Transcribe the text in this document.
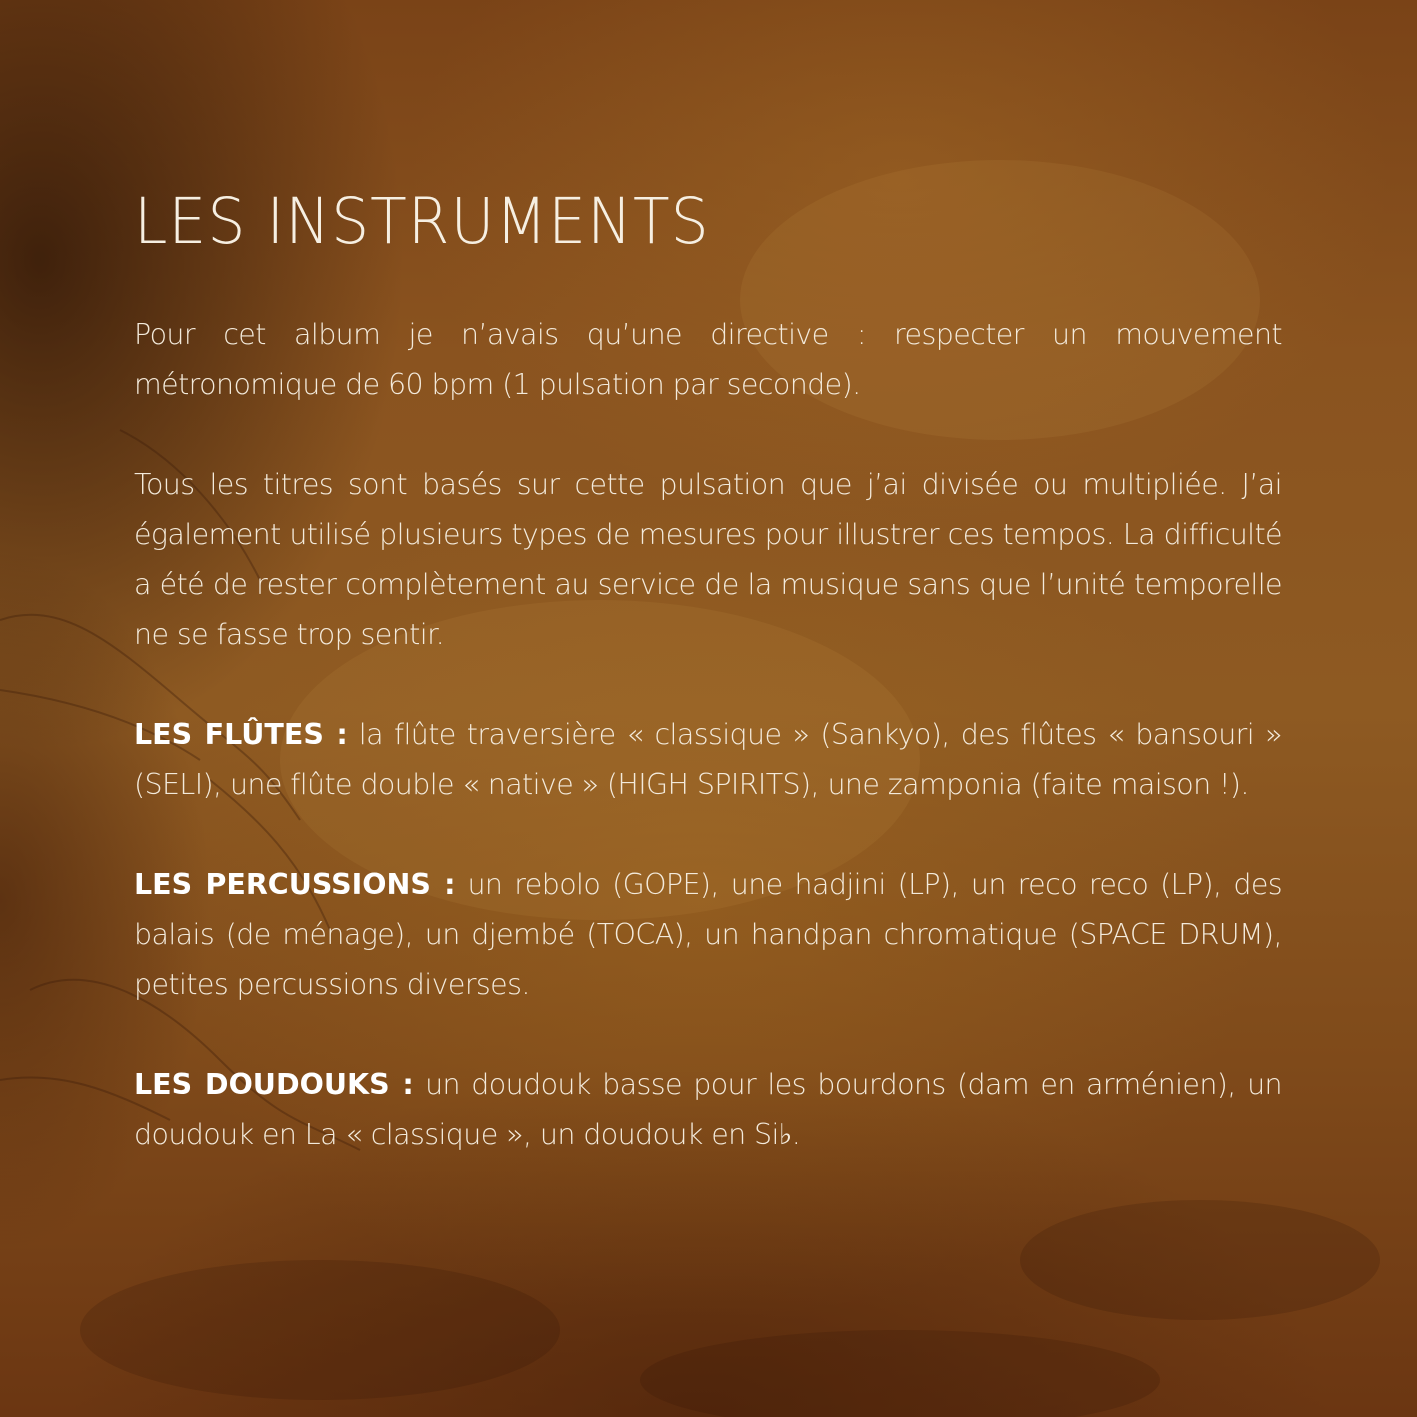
LES INSTRUMENTS

Pour cet album je n’avais qu’une directive : respecter un mouvement métronomique de 60 bpm (1 pulsation par seconde).

Tous les titres sont basés sur cette pulsation que j’ai divisée ou multipliée. J’ai également utilisé plusieurs types de mesures pour illustrer ces tempos. La difficulté a été de rester complètement au service de la musique sans que l’unité temporelle ne se fasse trop sentir.

LES FLÛTES : la flûte traversière « classique » (Sankyo), des flûtes « bansouri » (SELI), une flûte double « native » (HIGH SPIRITS), une zamponia (faite maison !).

LES PERCUSSIONS : un rebolo (GOPE), une hadjini (LP), un reco reco (LP), des balais (de ménage), un djembé (TOCA), un handpan chromatique (SPACE DRUM), petites percussions diverses.

LES DOUDOUKS : un doudouk basse pour les bourdons (dam en arménien), un doudouk en La « classique », un doudouk en Si♭.
